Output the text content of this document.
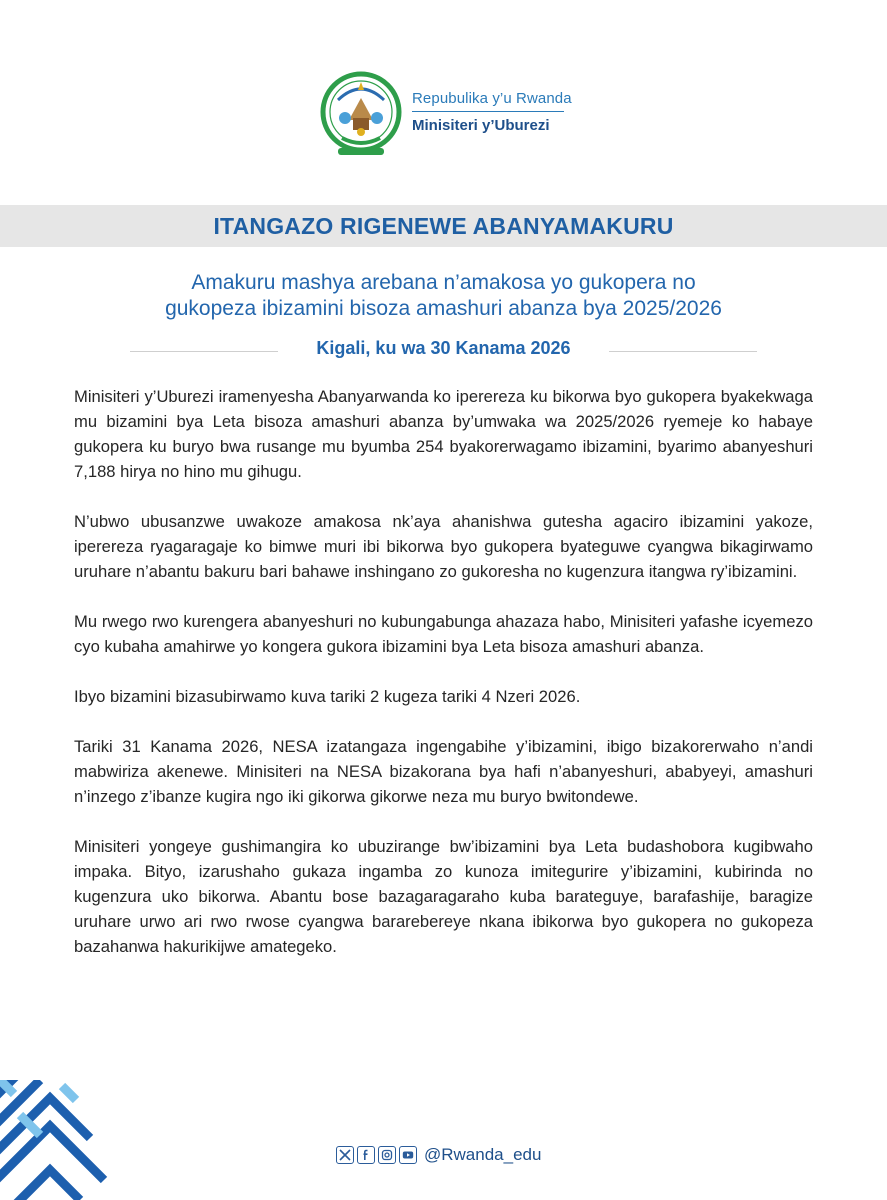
Repubulika y’u Rwanda
Minisiteri y’Uburezi
ITANGAZO RIGENEWE ABANYAMAKURU
Amakuru mashya arebana n’amakosa yo gukopera no
gukopeza ibizamini bisoza amashuri abanza bya 2025/2026
Kigali, ku wa 30 Kanama 2026

Minisiteri y’Uburezi iramenyesha Abanyarwanda ko iperereza ku bikorwa byo gukopera byakekwaga mu bizamini bya Leta bisoza amashuri abanza by’umwaka wa 2025/2026 ryemeje ko habaye gukopera ku buryo bwa rusange mu byumba 254 byakorerwagamo ibizamini, byarimo abanyeshuri 7,188 hirya no hino mu gihugu.

N’ubwo ubusanzwe uwakoze amakosa nk’aya ahanishwa gutesha agaciro ibizamini yakoze, iperereza ryagaragaje ko bimwe muri ibi bikorwa byo gukopera byateguwe cyangwa bikagirwamo uruhare n’abantu bakuru bari bahawe inshingano zo gukoresha no kugenzura itangwa ry’ibizamini.

Mu rwego rwo kurengera abanyeshuri no kubungabunga ahazaza habo, Minisiteri yafashe icyemezo cyo kubaha amahirwe yo kongera gukora ibizamini bya Leta bisoza amashuri abanza.

Ibyo bizamini bizasubirwamo kuva tariki 2 kugeza tariki 4 Nzeri 2026.

Tariki 31 Kanama 2026, NESA izatangaza ingengabihe y’ibizamini, ibigo bizakorerwaho n’andi mabwiriza akenewe. Minisiteri na NESA bizakorana bya hafi n’abanyeshuri, ababyeyi, amashuri n’inzego z’ibanze kugira ngo iki gikorwa gikorwe neza mu buryo bwitondewe.

Minisiteri yongeye gushimangira ko ubuzirange bw’ibizamini bya Leta budashobora kugibwaho impaka. Bityo, izarushaho gukaza ingamba zo kunoza imitegurire y’ibizamini, kubirinda no kugenzura uko bikorwa. Abantu bose bazagaragaraho kuba barateguye, barafashije, baragize uruhare urwo ari rwo rwose cyangwa bararebereye nkana ibikorwa byo gukopera no gukopeza bazahanwa hakurikijwe amategeko.

@Rwanda_edu
